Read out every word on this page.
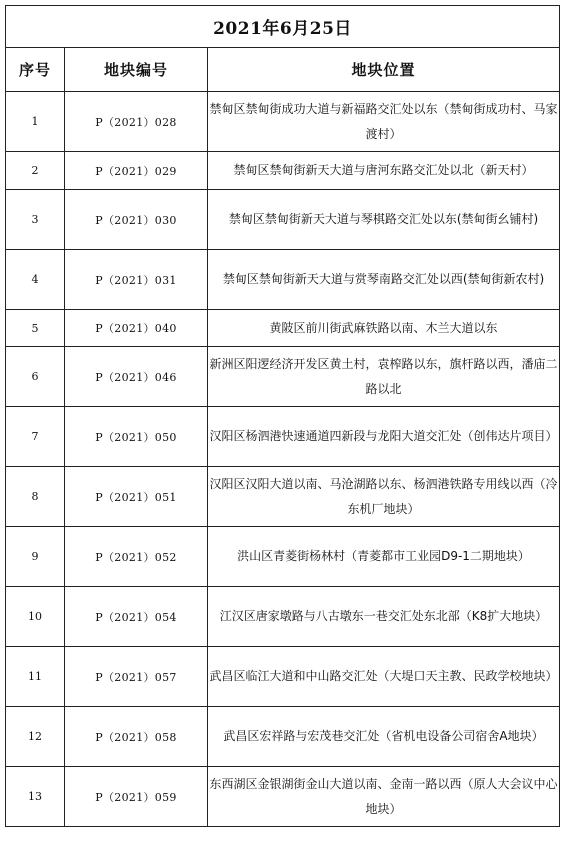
2021年6月25日		
序号	地块编号	地块位置
1	P（2021）028	禁甸区禁甸街成功大道与新福路交汇处以东（禁甸街成功村、马家渡村）
2	P（2021）029	禁甸区禁甸街新天大道与唐河东路交汇处以北（新天村）
3	P（2021）030	禁甸区禁甸街新天大道与琴棋路交汇处以东(禁甸街幺铺村)
4	P（2021）031	禁甸区禁甸街新天大道与赏琴南路交汇处以西(禁甸街新农村)
5	P（2021）040	黄陂区前川街武麻铁路以南、木兰大道以东
6	P（2021）046	新洲区阳逻经济开发区黄土村，袁榨路以东，旗杆路以西，潘庙二路以北
7	P（2021）050	汉阳区杨泗港快速通道四新段与龙阳大道交汇处（创伟达片项目）
8	P（2021）051	汉阳区汉阳大道以南、马沧湖路以东、杨泗港铁路专用线以西（冷东机厂地块）
9	P（2021）052	洪山区青菱街杨林村（青菱都市工业园D9-1二期地块）
10	P（2021）054	江汉区唐家墩路与八古墩东一巷交汇处东北部（K8扩大地块）
11	P（2021）057	武昌区临江大道和中山路交汇处（大堤口天主教、民政学校地块）
12	P（2021）058	武昌区宏祥路与宏茂巷交汇处（省机电设备公司宿舍A地块）
13	P（2021）059	东西湖区金银湖街金山大道以南、金南一路以西（原人大会议中心地块）
